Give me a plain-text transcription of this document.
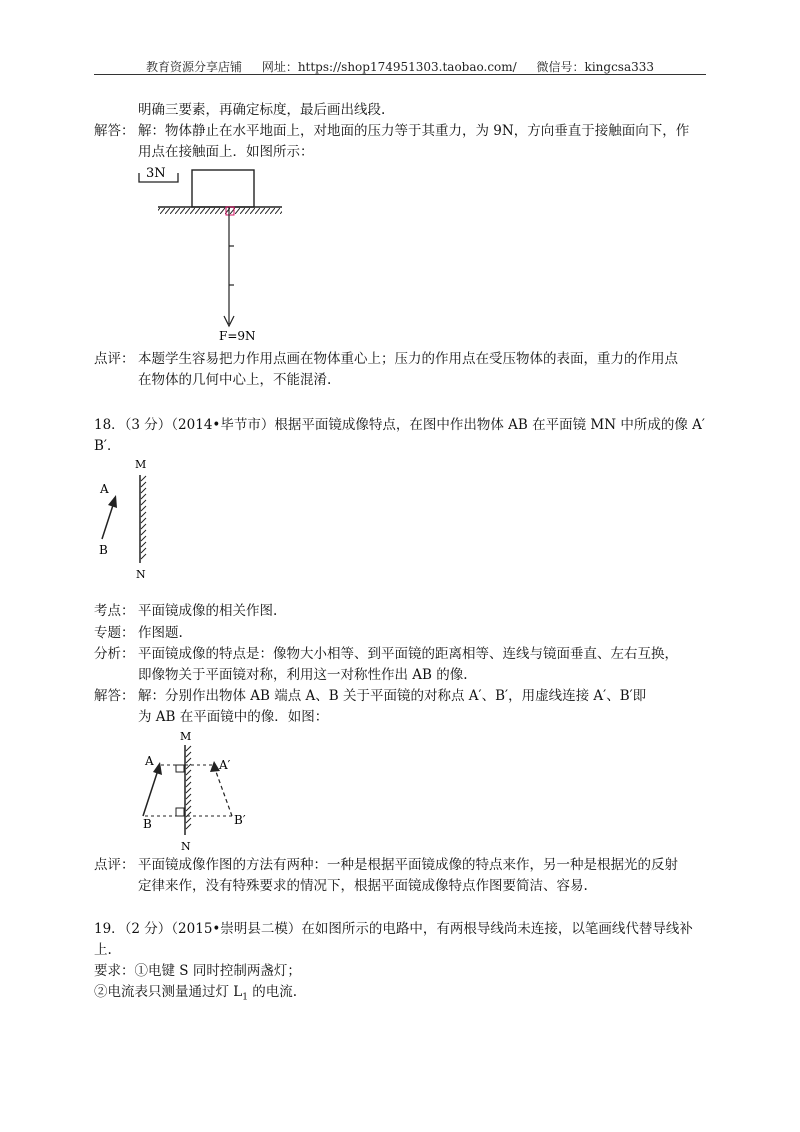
教育资源分享店铺 网址：https://shop174951303.taobao.com/ 微信号：kingcsa333
明确三要素，再确定标度，最后画出线段.
解答： 解：物体静止在水平地面上，对地面的压力等于其重力，为 9N，方向垂直于接触面向下，作
用点在接触面上．如图所示：
3N
F=9N
点评： 本题学生容易把力作用点画在物体重心上；压力的作用点在受压物体的表面，重力的作用点
在物体的几何中心上，不能混淆.
18．（3 分）（2014•毕节市）根据平面镜成像特点，在图中作出物体 AB 在平面镜 MN 中所成的像 A′
B′．
M
N
A
B
考点： 平面镜成像的相关作图.
专题： 作图题.
分析： 平面镜成像的特点是：像物大小相等、到平面镜的距离相等、连线与镜面垂直、左右互换，
即像物关于平面镜对称，利用这一对称性作出 AB 的像.
解答： 解：分别作出物体 AB 端点 A、B 关于平面镜的对称点 A′、B′，用虚线连接 A′、B′即
为 AB 在平面镜中的像．如图：
M
N
A
B
A′
B′
点评： 平面镜成像作图的方法有两种：一种是根据平面镜成像的特点来作，另一种是根据光的反射
定律来作，没有特殊要求的情况下，根据平面镜成像特点作图要简洁、容易.
19．（2 分）（2015•崇明县二模）在如图所示的电路中，有两根导线尚未连接，以笔画线代替导线补
上.
要求：①电键 S 同时控制两盏灯；
②电流表只测量通过灯 $L_1$ 的电流.
